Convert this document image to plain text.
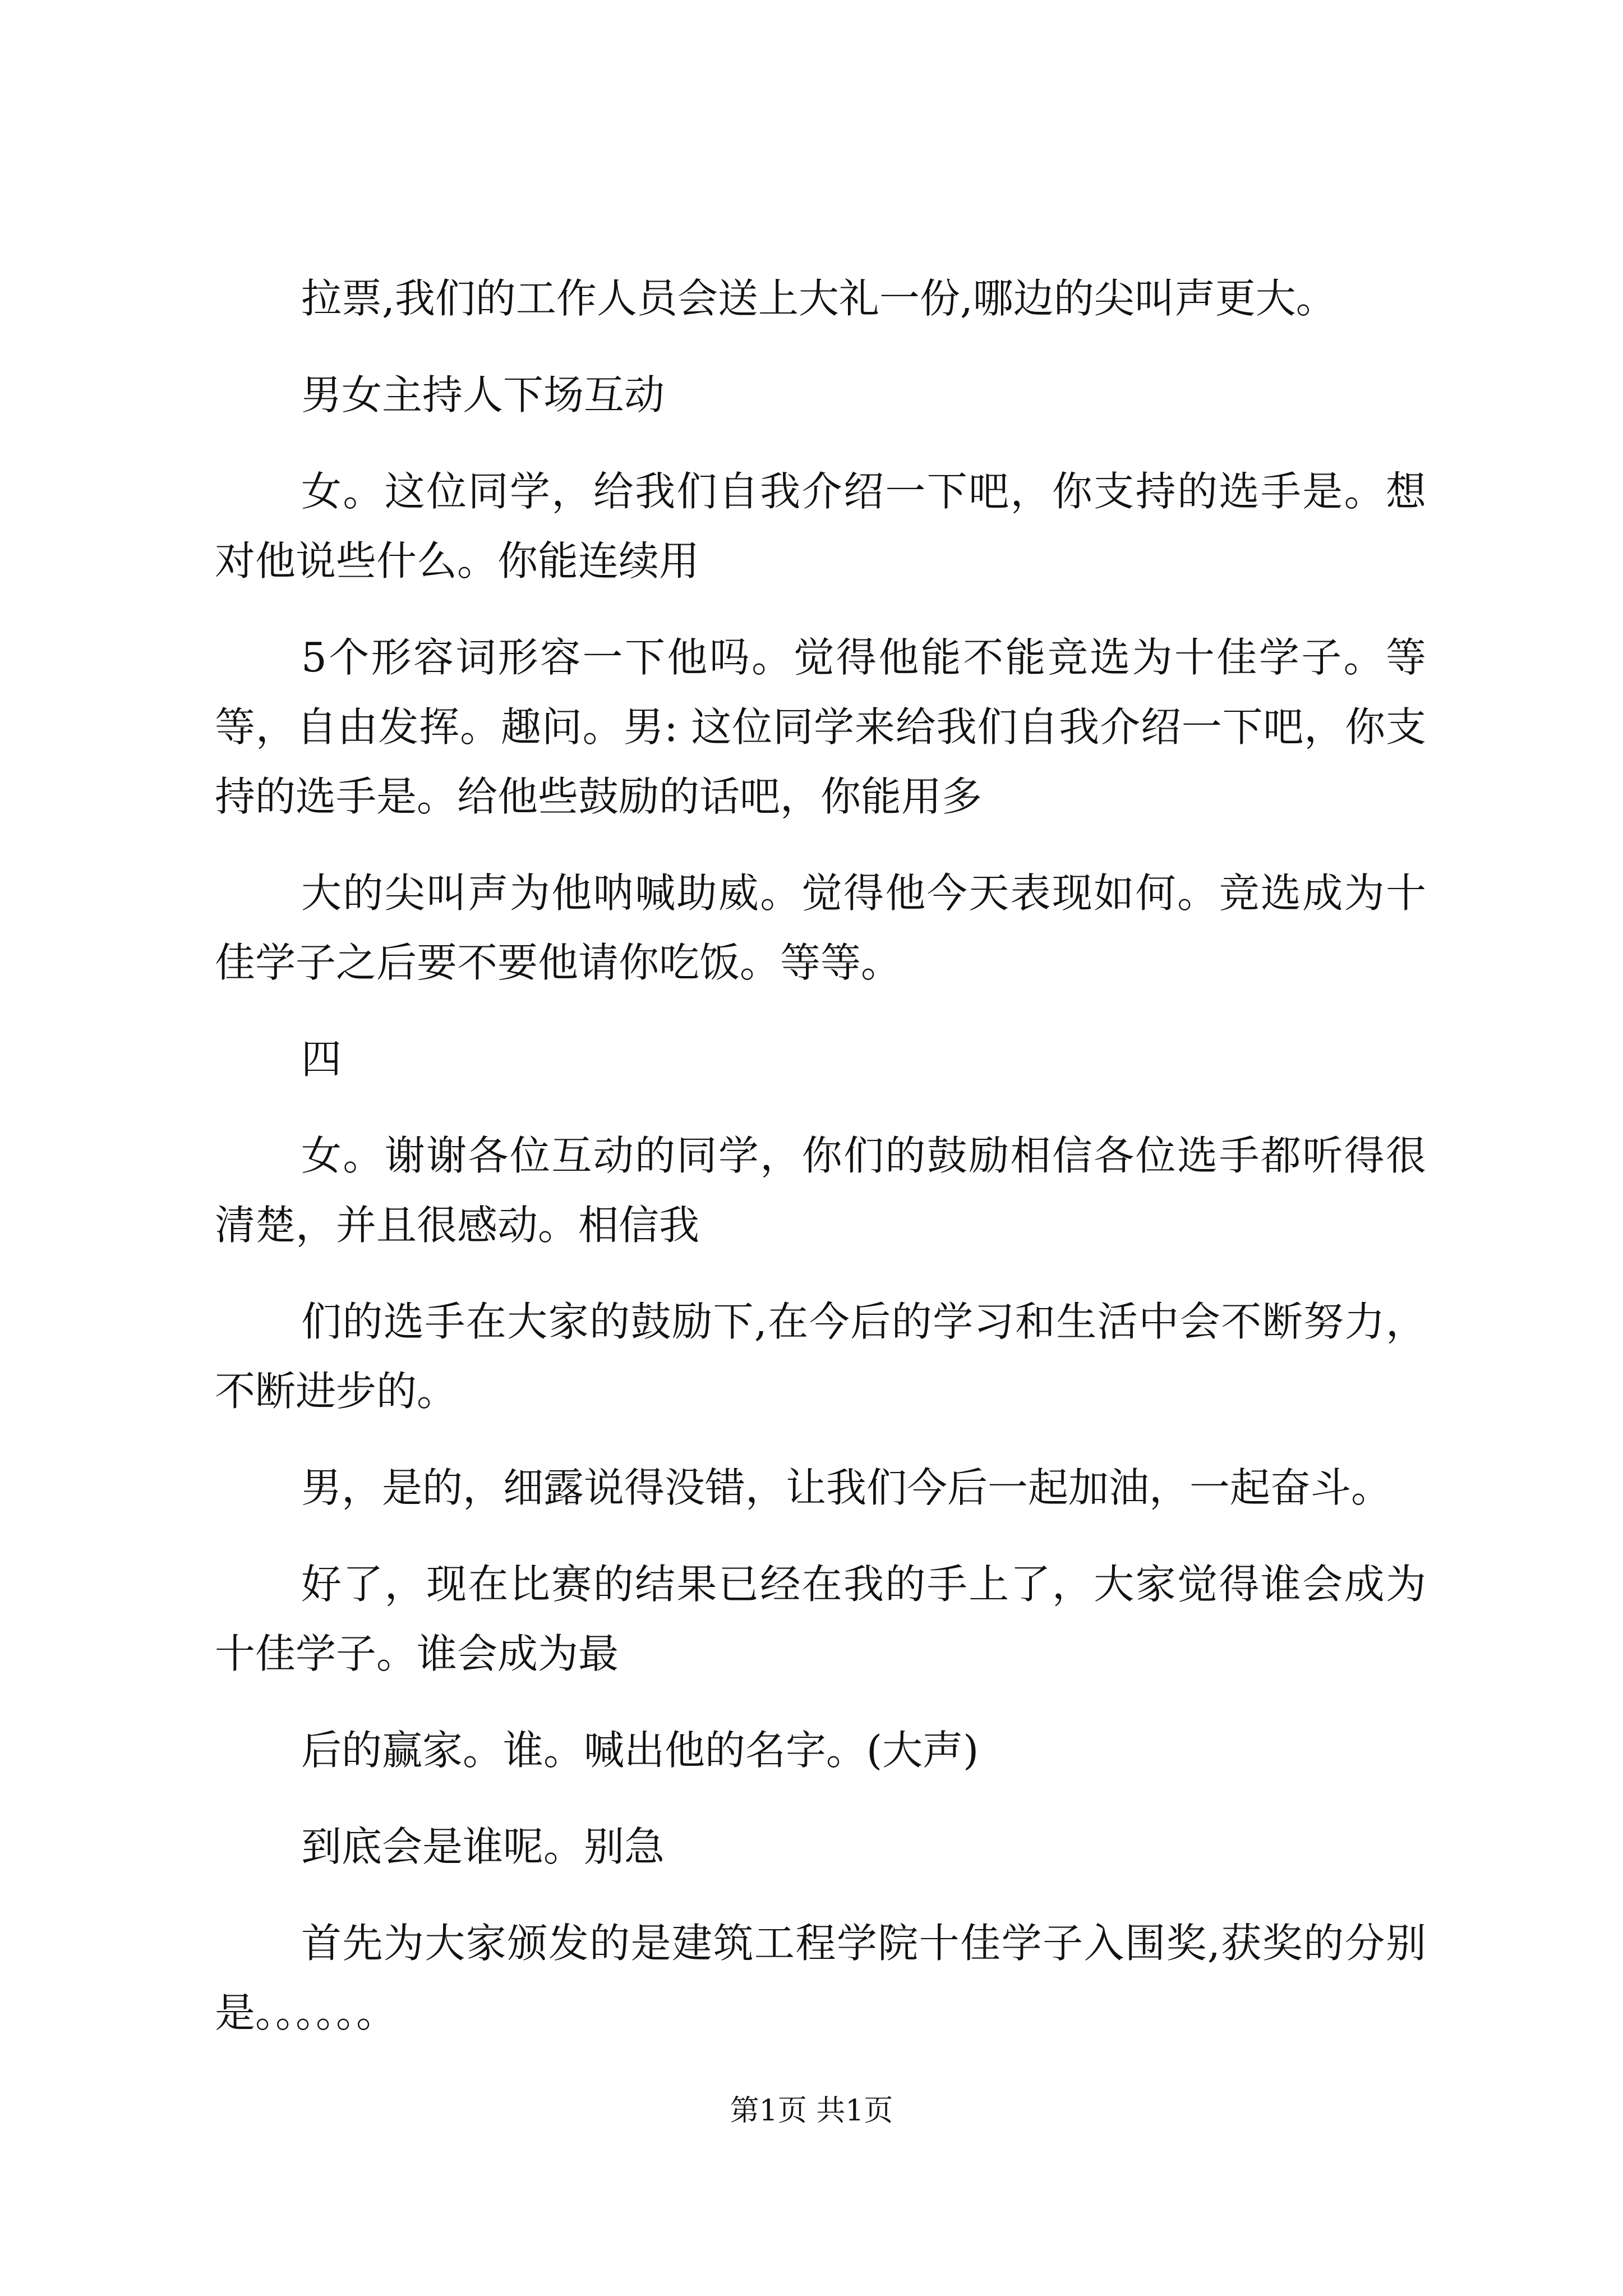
拉票,我们的工作人员会送上大礼一份,哪边的尖叫声更大。

男女主持人下场互动

女。这位同学，给我们自我介绍一下吧，你支持的选手是。想对他说些什么。你能连续用

5个形容词形容一下他吗。觉得他能不能竞选为十佳学子。等等，自由发挥。趣问。男: 这位同学来给我们自我介绍一下吧，你支持的选手是。给他些鼓励的话吧，你能用多

大的尖叫声为他呐喊助威。觉得他今天表现如何。竞选成为十佳学子之后要不要他请你吃饭。等等。

四

女。谢谢各位互动的同学，你们的鼓励相信各位选手都听得很清楚，并且很感动。相信我

们的选手在大家的鼓励下,在今后的学习和生活中会不断努力，不断进步的。

男，是的，细露说得没错，让我们今后一起加油，一起奋斗。

好了，现在比赛的结果已经在我的手上了，大家觉得谁会成为十佳学子。谁会成为最

后的赢家。谁。喊出他的名字。(大声)

到底会是谁呢。别急

首先为大家颁发的是建筑工程学院十佳学子入围奖,获奖的分别是。。。。。。

第1页 共1页
